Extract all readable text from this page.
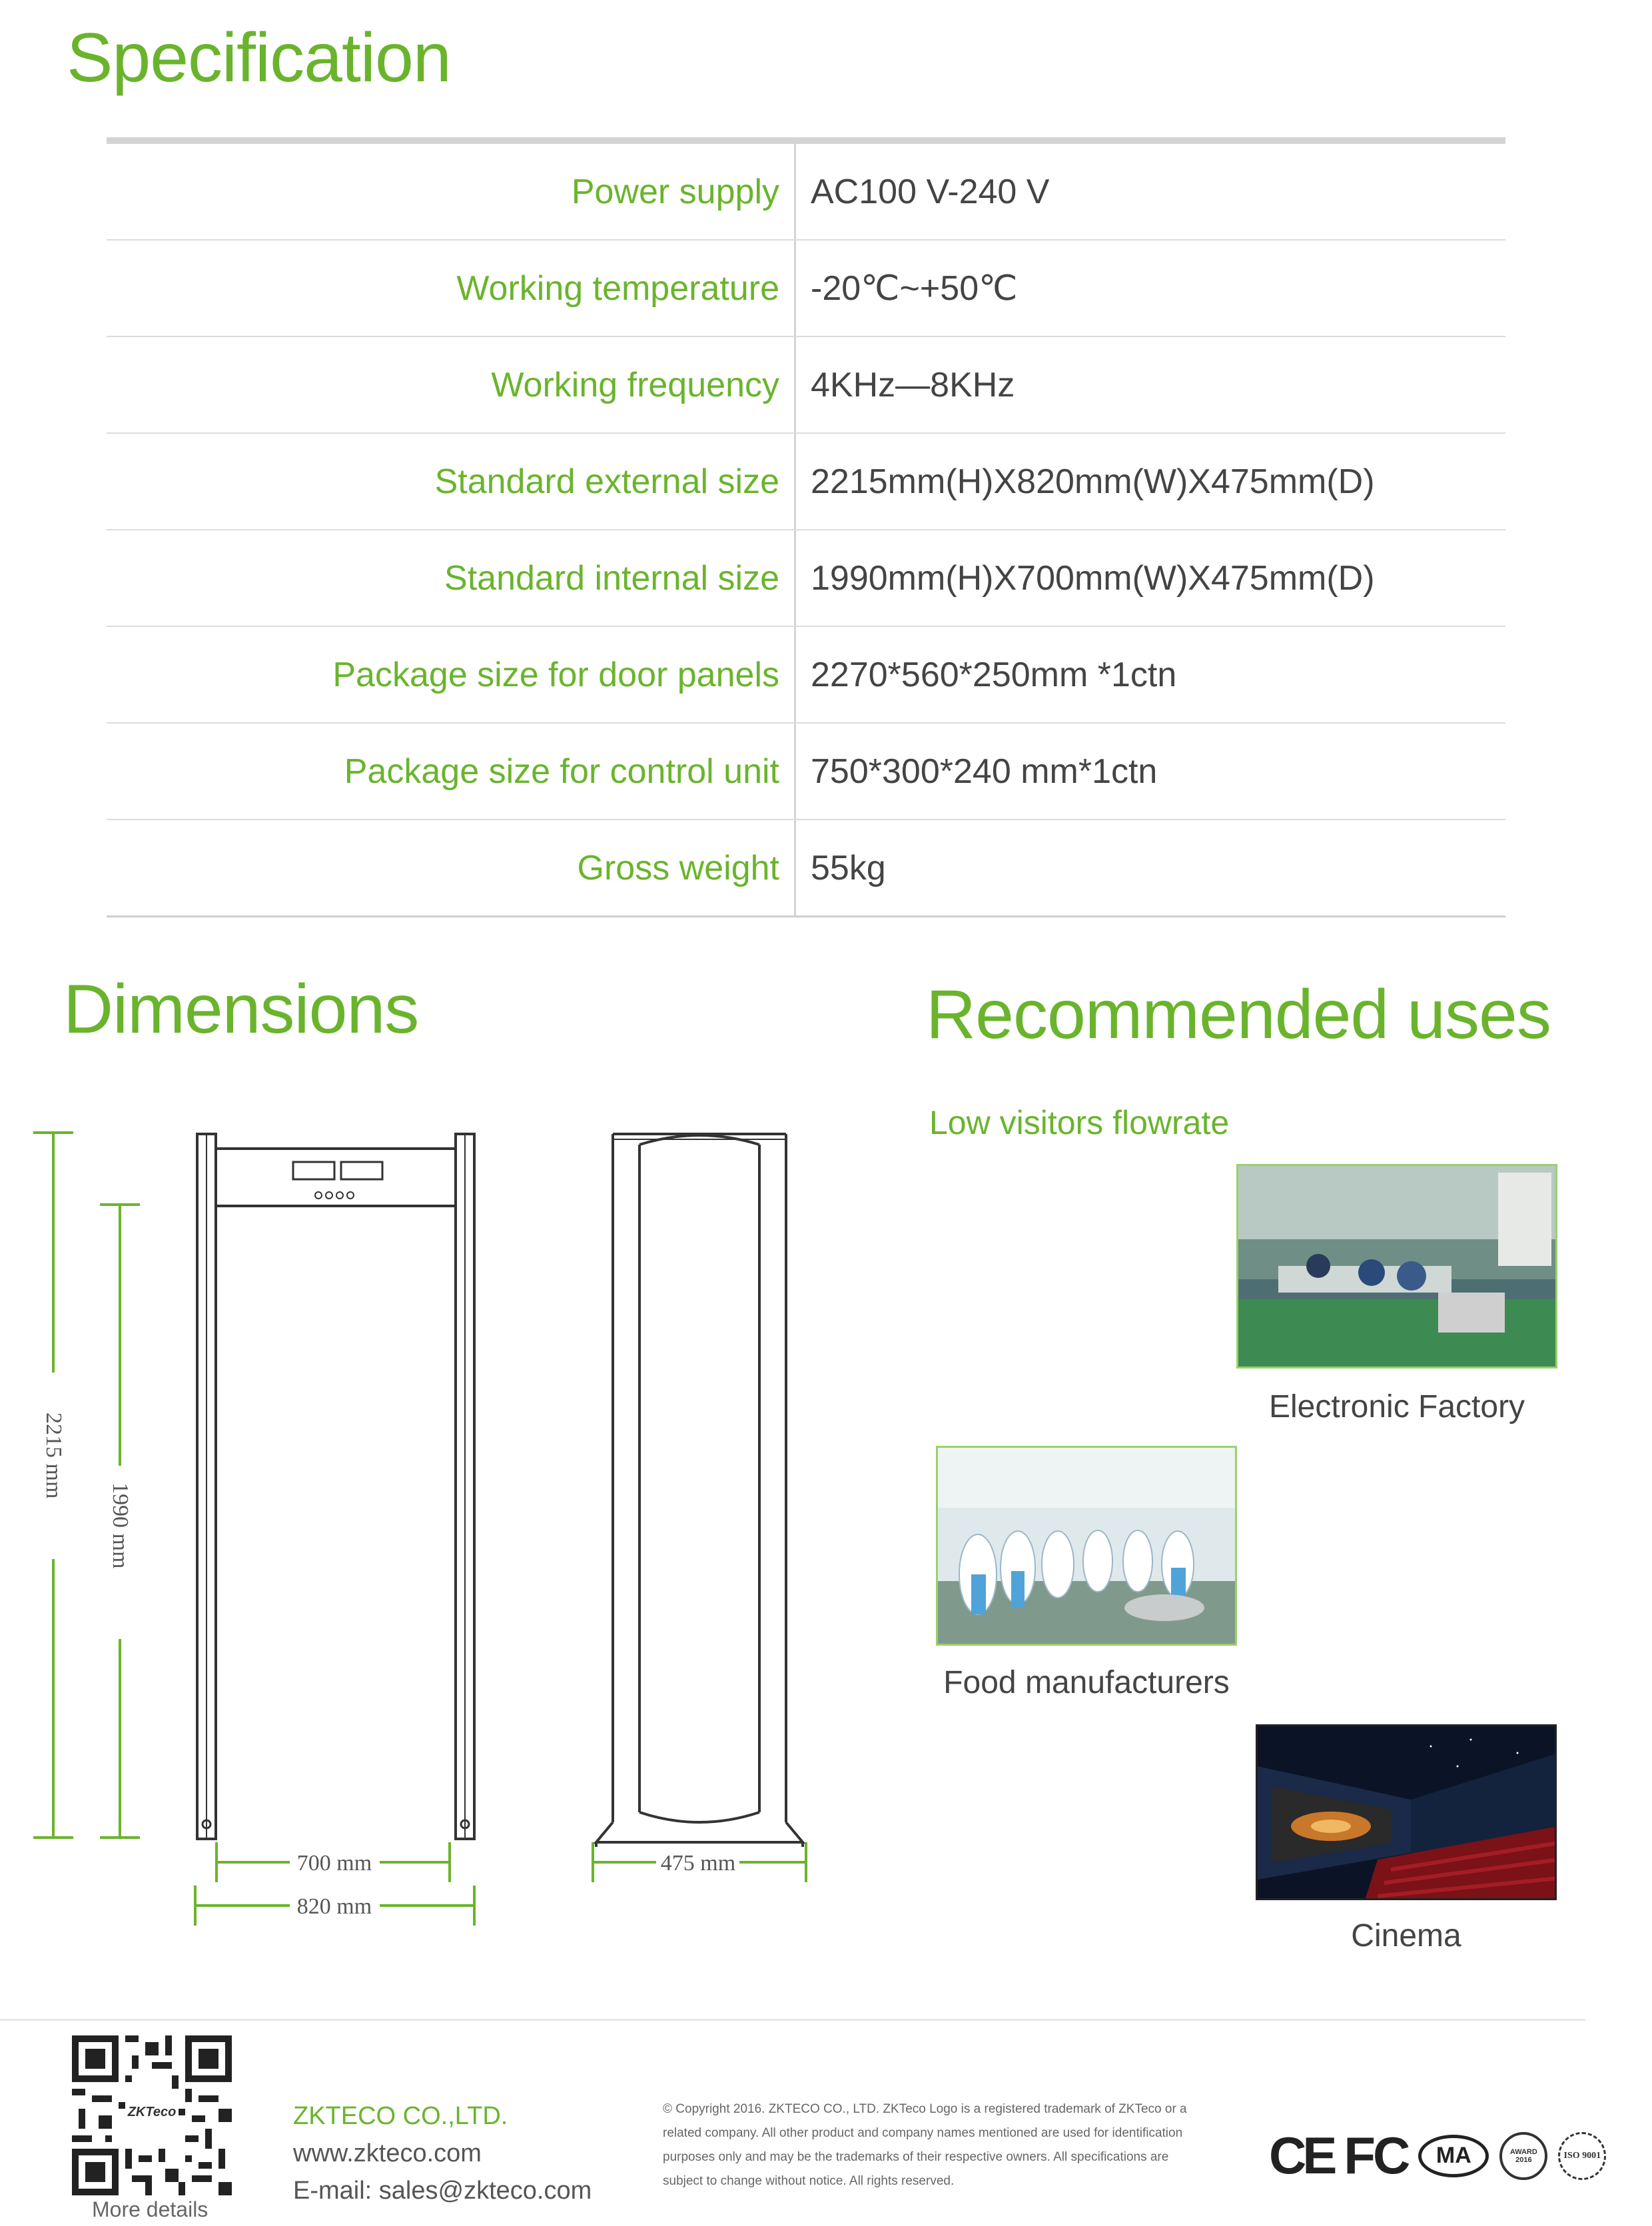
Specification
Power supply AC100 V-240 V
Working temperature -20℃~+50℃
Working frequency 4KHz—8KHz
Standard external size 2215mm(H)X820mm(W)X475mm(D)
Standard internal size 1990mm(H)X700mm(W)X475mm(D)
Package size for door panels 2270*560*250mm *1ctn
Package size for control unit 750*300*240 mm*1ctn
Gross weight 55kg
Dimensions	Recommended uses
2215 mm
1990 mm
700 mm
820 mm
475 mm
Low visitors flowrate
Electronic Factory
Food manufacturers
Cinema
ZKTeco
More details
ZKTECO CO.,LTD.
www.zkteco.com
E-mail: sales@zkteco.com
© Copyright 2016. ZKTECO CO., LTD. ZKTeco Logo is a registered trademark of ZKTeco or a
related company. All other product and company names mentioned are used for identification
purposes only and may be the trademarks of their respective owners. All specifications are
subject to change without notice. All rights reserved.	CE FC MA	AWARD 2016	ISO 9001
